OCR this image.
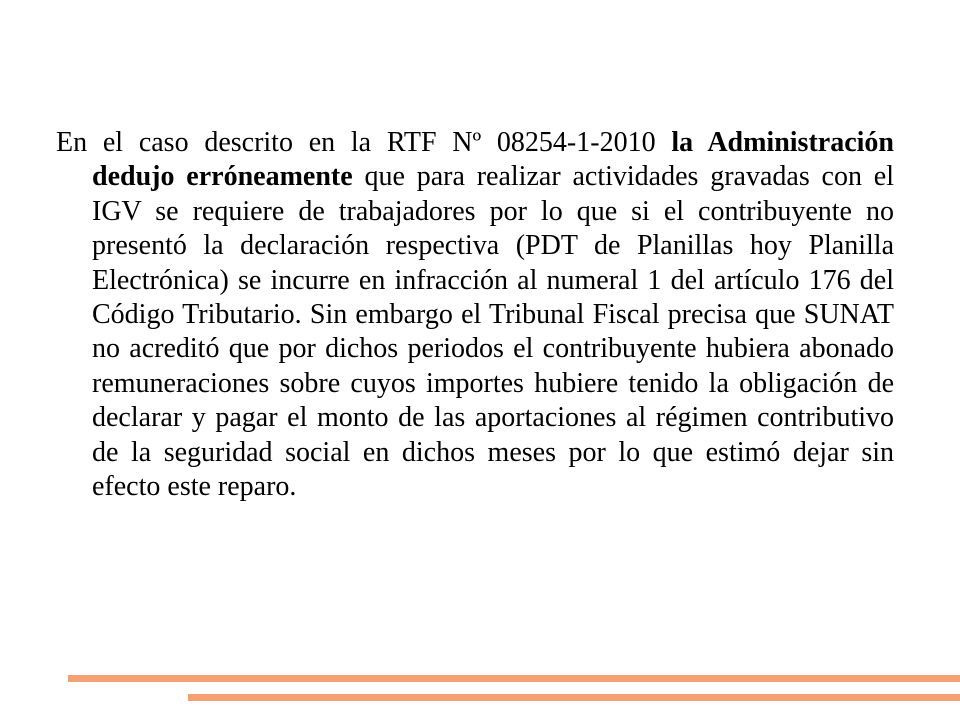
En el caso descrito en la RTF Nº 08254-1-2010 la Administración dedujo erróneamente que para realizar actividades gravadas con el IGV se requiere de trabajadores por lo que si el contribuyente no presentó la declaración respectiva (PDT de Planillas hoy Planilla Electrónica) se incurre en infracción al numeral 1 del artículo 176 del Código Tributario. Sin embargo el Tribunal Fiscal precisa que SUNAT no acreditó que por dichos periodos el contribuyente hubiera abonado remuneraciones sobre cuyos importes hubiere tenido la obligación de declarar y pagar el monto de las aportaciones al régimen contributivo de la seguridad social en dichos meses por lo que estimó dejar sin efecto este reparo.
